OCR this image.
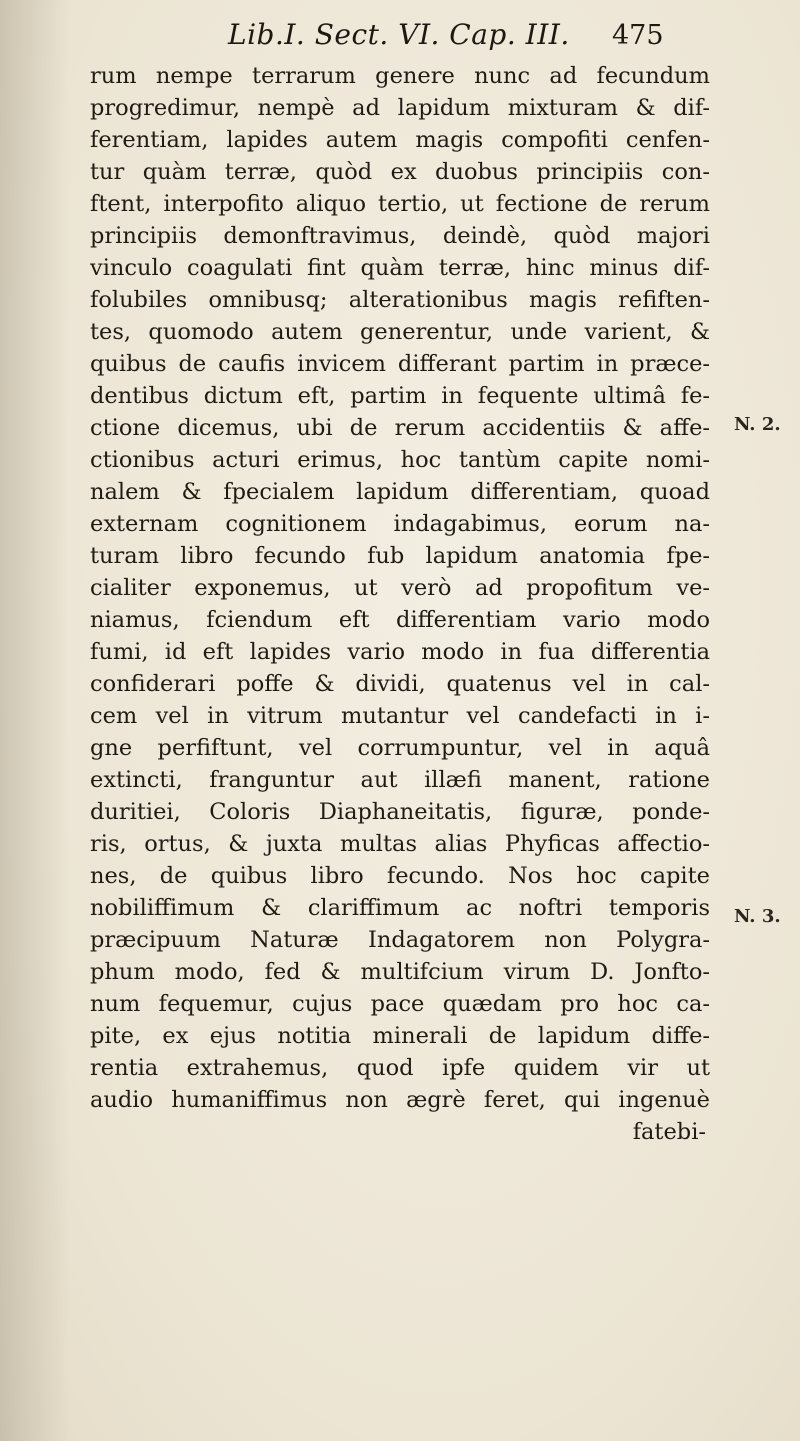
Lib.I. Sect. VI. Cap. III. 475
rum nempe terrarum genere nunc ad fecundum
progredimur, nempè ad lapidum mixturam & dif-
ferentiam, lapides autem magis compofiti cenfen-
tur quàm terræ, quòd ex duobus principiis con-
ftent, interpofito aliquo tertio, ut fectione de rerum
principiis demonftravimus, deindè, quòd majori
vinculo coagulati fint quàm terræ, hinc minus dif-
folubiles omnibusq; alterationibus magis refiften-
tes, quomodo autem generentur, unde varient, &
quibus de caufis invicem differant partim in præce-
dentibus dictum eft, partim in fequente ultimâ fe-
ctione dicemus, ubi de rerum accidentiis & affe-
ctionibus acturi erimus, hoc tantùm capite nomi-
nalem & fpecialem lapidum differentiam, quoad
externam cognitionem indagabimus, eorum na-
turam libro fecundo fub lapidum anatomia fpe-
cialiter exponemus, ut verò ad propofitum ve-
niamus, fciendum eft differentiam vario modo
fumi, id eft lapides vario modo in fua differentia
confiderari poffe & dividi, quatenus vel in cal-
cem vel in vitrum mutantur vel candefacti in i-
gne perfiftunt, vel corrumpuntur, vel in aquâ
extincti, franguntur aut illæfi manent, ratione
duritiei, Coloris Diaphaneitatis, figuræ, ponde-
ris, ortus, & juxta multas alias Phyficas affectio-
nes, de quibus libro fecundo. Nos hoc capite
nobiliffimum & clariffimum ac noftri temporis
præcipuum Naturæ Indagatorem non Polygra-
phum modo, fed & multifcium virum D. Jonfto-
num fequemur, cujus pace quædam pro hoc ca-
pite, ex ejus notitia minerali de lapidum diffe-
rentia extrahemus, quod ipfe quidem vir ut
audio humaniffimus non ægrè feret, qui ingenuè
fatebi-
N. 2.
N. 3.
